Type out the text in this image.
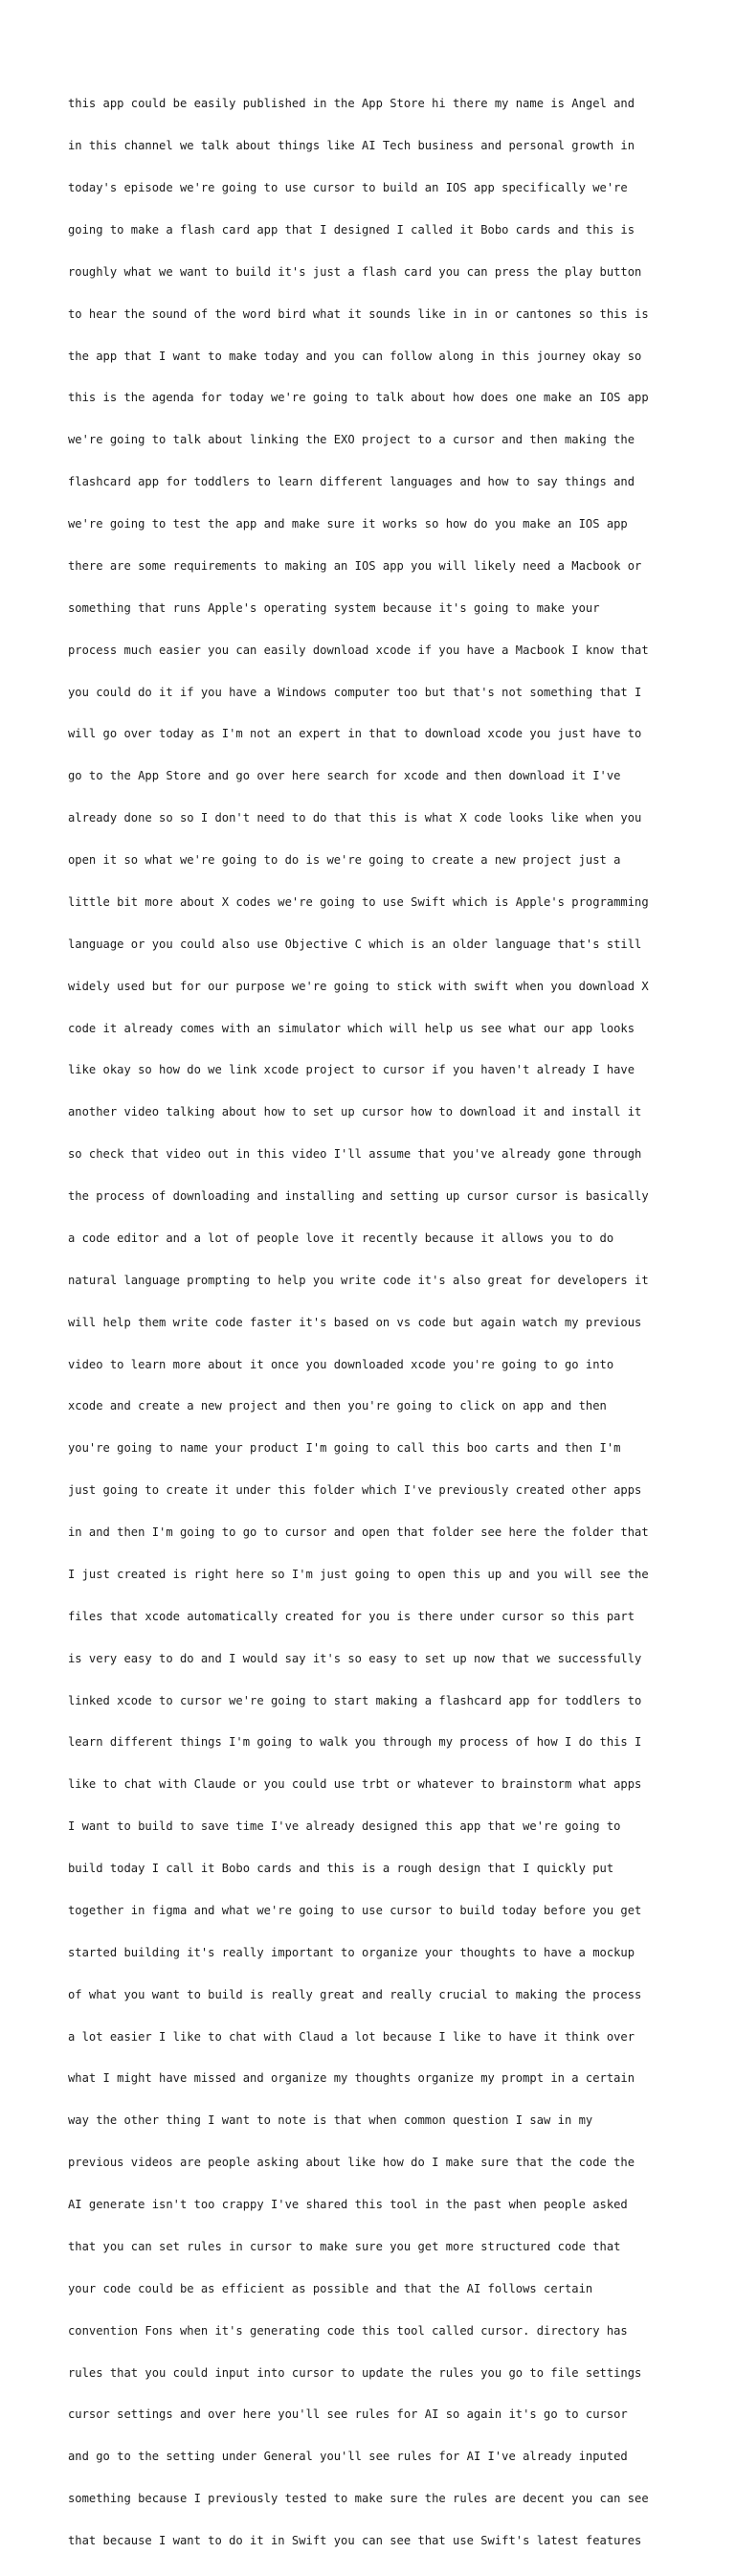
this app could be easily published in the App Store hi there my name is Angel and

in this channel we talk about things like AI Tech business and personal growth in

today's episode we're going to use cursor to build an IOS app specifically we're

going to make a flash card app that I designed I called it Bobo cards and this is

roughly what we want to build it's just a flash card you can press the play button

to hear the sound of the word bird what it sounds like in in or cantones so this is

the app that I want to make today and you can follow along in this journey okay so

this is the agenda for today we're going to talk about how does one make an IOS app

we're going to talk about linking the EXO project to a cursor and then making the

flashcard app for toddlers to learn different languages and how to say things and

we're going to test the app and make sure it works so how do you make an IOS app

there are some requirements to making an IOS app you will likely need a Macbook or

something that runs Apple's operating system because it's going to make your

process much easier you can easily download xcode if you have a Macbook I know that

you could do it if you have a Windows computer too but that's not something that I

will go over today as I'm not an expert in that to download xcode you just have to

go to the App Store and go over here search for xcode and then download it I've

already done so so I don't need to do that this is what X code looks like when you

open it so what we're going to do is we're going to create a new project just a

little bit more about X codes we're going to use Swift which is Apple's programming

language or you could also use Objective C which is an older language that's still

widely used but for our purpose we're going to stick with swift when you download X

code it already comes with an simulator which will help us see what our app looks

like okay so how do we link xcode project to cursor if you haven't already I have

another video talking about how to set up cursor how to download it and install it

so check that video out in this video I'll assume that you've already gone through

the process of downloading and installing and setting up cursor cursor is basically

a code editor and a lot of people love it recently because it allows you to do

natural language prompting to help you write code it's also great for developers it

will help them write code faster it's based on vs code but again watch my previous

video to learn more about it once you downloaded xcode you're going to go into

xcode and create a new project and then you're going to click on app and then

you're going to name your product I'm going to call this boo carts and then I'm

just going to create it under this folder which I've previously created other apps

in and then I'm going to go to cursor and open that folder see here the folder that

I just created is right here so I'm just going to open this up and you will see the

files that xcode automatically created for you is there under cursor so this part

is very easy to do and I would say it's so easy to set up now that we successfully

linked xcode to cursor we're going to start making a flashcard app for toddlers to

learn different things I'm going to walk you through my process of how I do this I

like to chat with Claude or you could use trbt or whatever to brainstorm what apps

I want to build to save time I've already designed this app that we're going to

build today I call it Bobo cards and this is a rough design that I quickly put

together in figma and what we're going to use cursor to build today before you get

started building it's really important to organize your thoughts to have a mockup

of what you want to build is really great and really crucial to making the process

a lot easier I like to chat with Claud a lot because I like to have it think over

what I might have missed and organize my thoughts organize my prompt in a certain

way the other thing I want to note is that when common question I saw in my

previous videos are people asking about like how do I make sure that the code the

AI generate isn't too crappy I've shared this tool in the past when people asked

that you can set rules in cursor to make sure you get more structured code that

your code could be as efficient as possible and that the AI follows certain

convention Fons when it's generating code this tool called cursor. directory has

rules that you could input into cursor to update the rules you go to file settings

cursor settings and over here you'll see rules for AI so again it's go to cursor

and go to the setting under General you'll see rules for AI I've already inputed

something because I previously tested to make sure the rules are decent you can see

that because I want to do it in Swift you can see that use Swift's latest features
